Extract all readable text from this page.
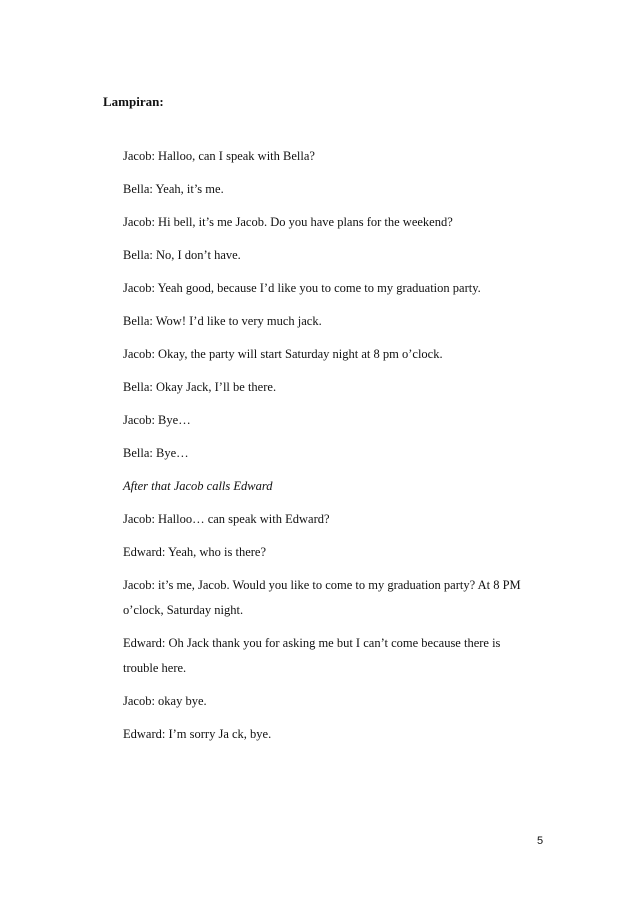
Lampiran:
Jacob: Halloo, can I speak with Bella?
Bella: Yeah, it’s me.
Jacob: Hi bell, it’s me Jacob. Do you have plans for the weekend?
Bella: No, I don’t have.
Jacob: Yeah good, because I’d like you to come to my graduation party.
Bella: Wow! I’d like to very much jack.
Jacob: Okay, the party will start Saturday night at 8 pm o’clock.
Bella: Okay Jack, I’ll be there.
Jacob: Bye…
Bella: Bye…
After that Jacob calls Edward
Jacob: Halloo… can speak with Edward?
Edward: Yeah, who is there?
Jacob: it’s me, Jacob. Would you like to come to my graduation party? At 8 PM
o’clock, Saturday night.
Edward: Oh Jack thank you for asking me but I can’t come because there is
trouble here.
Jacob: okay bye.
Edward: I’m sorry Ja ck, bye.
5
